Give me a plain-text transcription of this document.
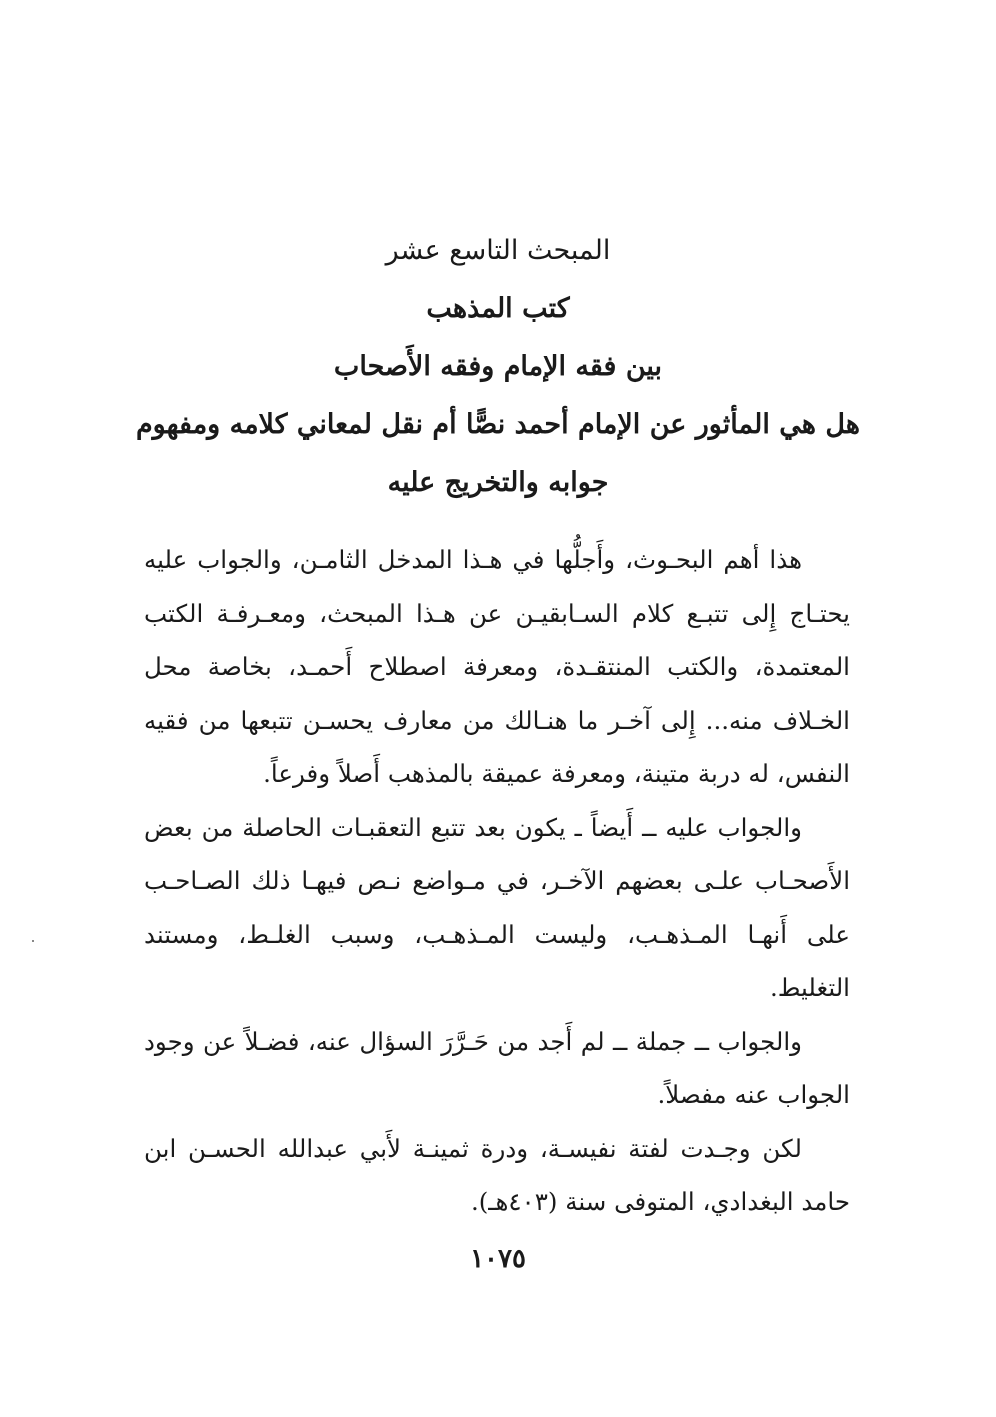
المبحث التاسع عشر
كتب المذهب
بين فقه الإمام وفقه الأَصحاب
هل هي المأثور عن الإمام أحمد نصًّا أم نقل لمعاني كلامه ومفهوم
جوابه والتخريج عليه

هذا أهم البحـوث، وأَجلُّها في هـذا المدخل الثامـن، والجواب عليه يحتـاج إِلى تتبـع كلام السـابقيـن عن هـذا المبحث، ومعـرفـة الكتب المعتمدة، والكتب المنتقـدة، ومعرفة اصطلاح أَحمـد، بخاصة محل الخـلاف منه... إِلى آخـر ما هنـالك من معارف يحسـن تتبعها من فقيه النفس، له دربة متينة، ومعرفة عميقة بالمذهب أَصلاً وفرعاً.

والجواب عليه ــ أَيضاً ـ يكون بعد تتبع التعقبـات الحاصلة من بعض الأَصحـاب علـى بعضهم الآخـر، في مـواضع نـص فيهـا ذلك الصـاحـب على أَنهـا المـذهـب، وليست المـذهـب، وسبب الغلـط، ومستند التغليط.

والجواب ــ جملة ــ لم أَجد من حَـرَّرَ السؤال عنه، فضـلاً عن وجود الجواب عنه مفصلاً.

لكن وجـدت لفتة نفيسـة، ودرة ثمينـة لأَبي عبدالله الحسـن ابن حامد البغدادي، المتوفى سنة (٤٠٣هـ).

١٠٧٥
